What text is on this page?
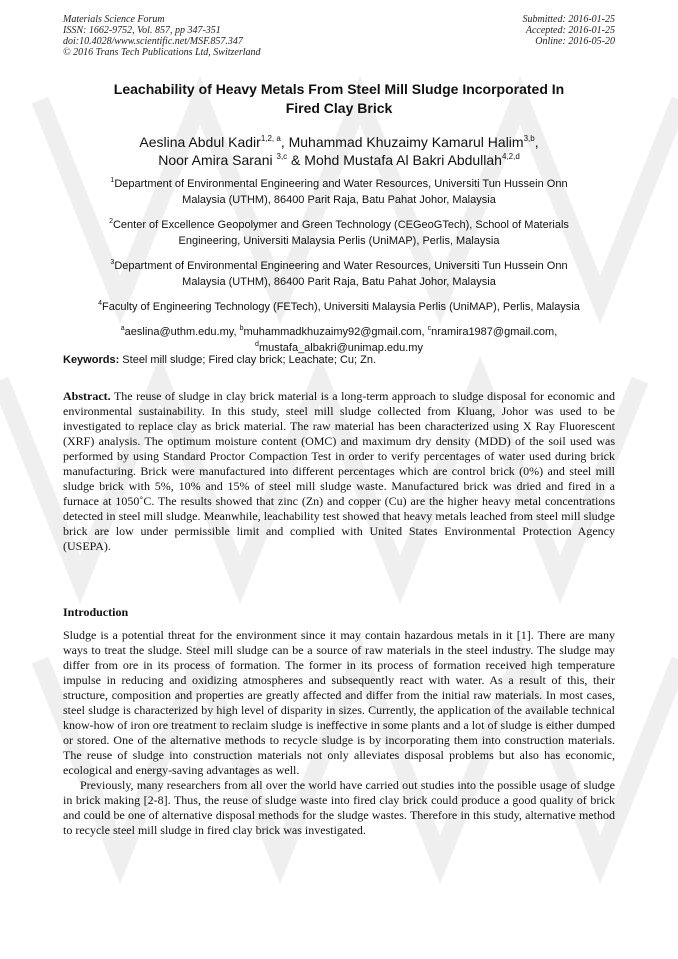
Materials Science Forum
ISSN: 1662-9752, Vol. 857, pp 347-351
doi:10.4028/www.scientific.net/MSF.857.347
© 2016 Trans Tech Publications Ltd, Switzerland
Submitted: 2016-01-25
Accepted: 2016-01-25
Online: 2016-05-20
Leachability of Heavy Metals From Steel Mill Sludge Incorporated In
Fired Clay Brick
Aeslina Abdul Kadir$^{1,2, a}$, Muhammad Khuzaimy Kamarul Halim$^{3,b}$,
Noor Amira Sarani $^{3,c}$ & Mohd Mustafa Al Bakri Abdullah$^{4,2,d}$
$^1$Department of Environmental Engineering and Water Resources, Universiti Tun Hussein Onn
Malaysia (UTHM), 86400 Parit Raja, Batu Pahat Johor, Malaysia
$^2$Center of Excellence Geopolymer and Green Technology (CEGeoGTech), School of Materials
Engineering, Universiti Malaysia Perlis (UniMAP), Perlis, Malaysia
$^3$Department of Environmental Engineering and Water Resources, Universiti Tun Hussein Onn
Malaysia (UTHM), 86400 Parit Raja, Batu Pahat Johor, Malaysia
$^4$Faculty of Engineering Technology (FETech), Universiti Malaysia Perlis (UniMAP), Perlis, Malaysia
$^a$aeslina@uthm.edu.my, $^b$muhammadkhuzaimy92@gmail.com, $^c$nramira1987@gmail.com,
$^d$mustafa_albakri@unimap.edu.my
Keywords: Steel mill sludge; Fired clay brick; Leachate; Cu; Zn.
Abstract. The reuse of sludge in clay brick material is a long-term approach to sludge disposal for economic and environmental sustainability. In this study, steel mill sludge collected from Kluang, Johor was used to be investigated to replace clay as brick material. The raw material has been characterized using X Ray Fluorescent (XRF) analysis. The optimum moisture content (OMC) and maximum dry density (MDD) of the soil used was performed by using Standard Proctor Compaction Test in order to verify percentages of water used during brick manufacturing. Brick were manufactured into different percentages which are control brick (0%) and steel mill sludge brick with 5%, 10% and 15% of steel mill sludge waste. Manufactured brick was dried and fired in a furnace at 1050˚C. The results showed that zinc (Zn) and copper (Cu) are the higher heavy metal concentrations detected in steel mill sludge. Meanwhile, leachability test showed that heavy metals leached from steel mill sludge brick are low under permissible limit and complied with United States Environmental Protection Agency (USEPA).
Introduction

Sludge is a potential threat for the environment since it may contain hazardous metals in it [1]. There are many ways to treat the sludge. Steel mill sludge can be a source of raw materials in the steel industry. The sludge may differ from ore in its process of formation. The former in its process of formation received high temperature impulse in reducing and oxidizing atmospheres and subsequently react with water. As a result of this, their structure, composition and properties are greatly affected and differ from the initial raw materials. In most cases, steel sludge is characterized by high level of disparity in sizes. Currently, the application of the available technical know-how of iron ore treatment to reclaim sludge is ineffective in some plants and a lot of sludge is either dumped or stored. One of the alternative methods to recycle sludge is by incorporating them into construction materials. The reuse of sludge into construction materials not only alleviates disposal problems but also has economic, ecological and energy-saving advantages as well.

Previously, many researchers from all over the world have carried out studies into the possible usage of sludge in brick making [2-8]. Thus, the reuse of sludge waste into fired clay brick could produce a good quality of brick and could be one of alternative disposal methods for the sludge wastes. Therefore in this study, alternative method to recycle steel mill sludge in fired clay brick was investigated.
